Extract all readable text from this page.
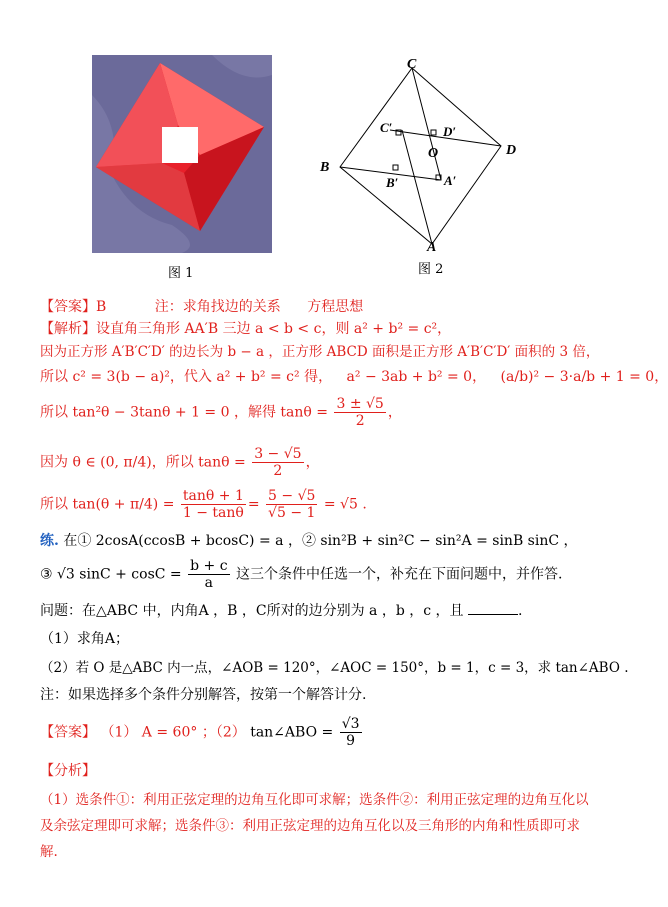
图 1
C
D
B
A
O
C′	D′
B′	A′
图 2
【答案】B	注：求角找边的关系 方程思想
【解析】设直角三角形 AA′B 三边 a < b < c，则 a² + b² = c²，
因为正方形 A′B′C′D′ 的边长为 b − a ，正方形 ABCD 面积是正方形 A′B′C′D′ 面积的 3 倍，
所以 c² = 3(b − a)²，代入 a² + b² = c² 得， a² − 3ab + b² = 0， (a/b)² − 3·a/b + 1 = 0，
所以 tan²θ − 3tanθ + 1 = 0 ，解得 $\tan\theta = \frac{3 \pm √5}{2}$ ，
因为 θ ∈ (0, π/4)，所以 $\tan\theta = \frac{3 - √5}{2}$ ，
所以 $\tan(\theta + \pi/4) = \frac{\tan\theta + 1}{1 - \tan\theta} = \frac{5 - √5}{√5 - 1} = √5$ .
练. 在① 2cosA(ccosB + bcosC) = a ，② sin²B + sin²C − sin²A = sinB sinC ，
③ √3 $\sin C + \cos C = \frac{b + c}{a}$ 这三个条件中任选一个，补充在下面问题中，并作答.
问题：在△ABC 中，内角A ，B ，C所对的边分别为 a ，b ，c ，且	.
（1）求角A；
（2）若 O 是△ABC 内一点，∠AOB = 120°，∠AOC = 150°，b = 1，c = 3，求 tan∠ABO .
注：如果选择多个条件分别解答，按第一个解答计分.
【答案】 （1） A = 60° ；（2） tan∠ABO = $\frac{√3}{9}$
【分析】
（1）选条件①：利用正弦定理的边角互化即可求解；选条件②：利用正弦定理的边角互化以
及余弦定理即可求解；选条件③：利用正弦定理的边角互化以及三角形的内角和性质即可求
解.
